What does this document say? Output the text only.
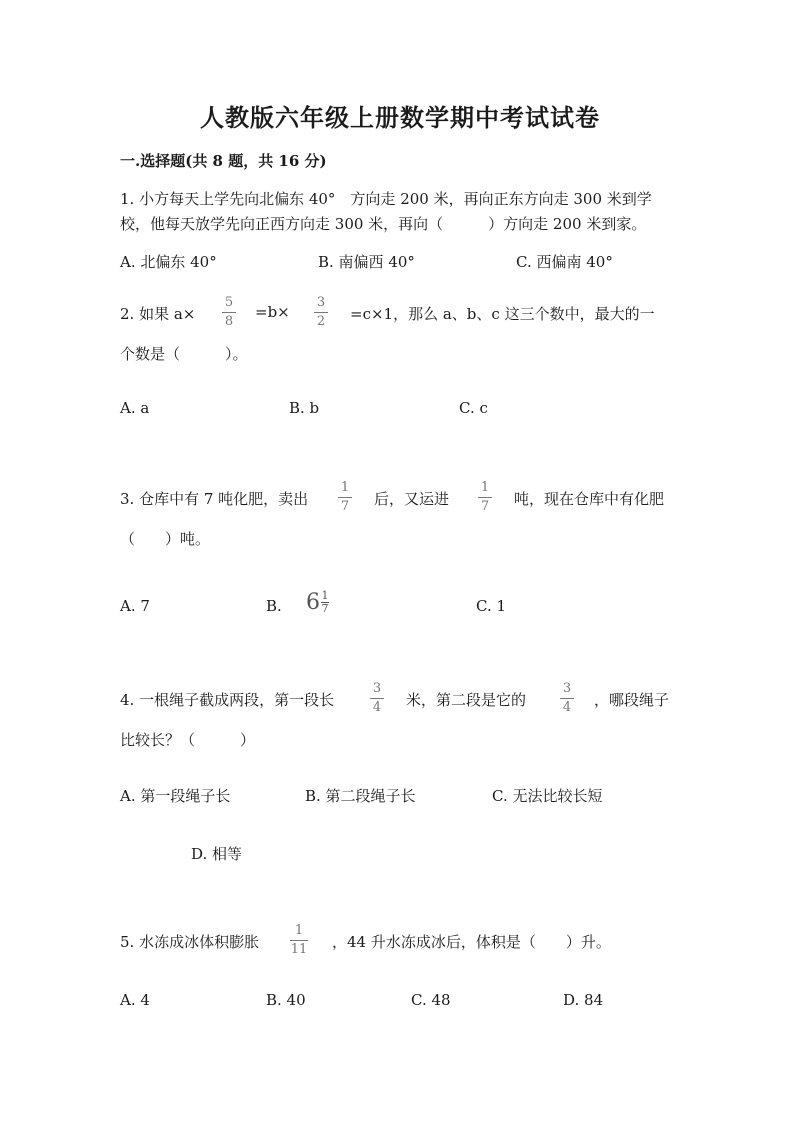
人教版六年级上册数学期中考试试卷
一.选择题(共 8 题，共 16 分)
1. 小方每天上学先向北偏东 40°　方向走 200 米，再向正东方向走 300 米到学
校，他每天放学先向正西方向走 300 米，再向（　　　）方向走 200 米到家。
A. 北偏东 40°	B. 南偏西 40°	C. 西偏南 40°
2. 如果 a×
5
8
=b×
3
2 =c×1，那么 a、b、c 这三个数中，最大的一
个数是（　　　）。
A. a	B. b	C. c
3. 仓库中有 7 吨化肥，卖出
1
7 后，又运进
1
7 吨，现在仓库中有化肥
（　　）吨。
A. 7	B. 6 1
7	C. 1
4. 一根绳子截成两段，第一段长
3
4 米，第二段是它的
3
4 ，哪段绳子
比较长？（　　　）
A. 第一段绳子长	B. 第二段绳子长	C. 无法比较长短
D. 相等
5. 水冻成冰体积膨胀
1
11 ，44 升水冻成冰后，体积是（　　）升。
A. 4	B. 40	C. 48	D. 84
